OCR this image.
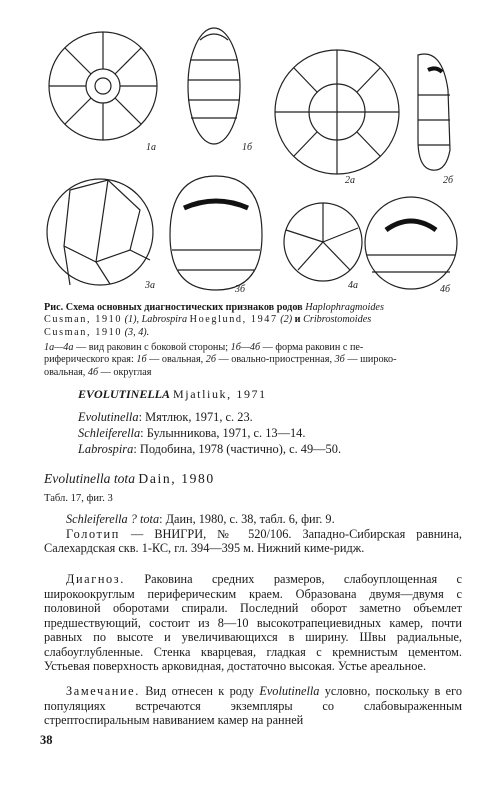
1а	1б
2а	2б
3а	3б	4а	4б
Рис. Схема основных диагностических признаков родов Haplophragmoides
Cusman, 1910 (1), Labrospira Hoeglund, 1947 (2) и Cribrostomoides
Cusman, 1910 (3, 4).
1а—4а — вид раковин с боковой стороны; 1б—4б — форма раковин с пе-
риферического края: 1б — овальная, 2б — овально-приостренная, 3б — широко-
овальная, 4б — округлая
EVOLUTINELLA Mjatliuk, 1971
Evolutinella: Мятлюк, 1971, с. 23.
Schleiferella: Булынникова, 1971, с. 13—14.
Labrospira: Подобина, 1978 (частично), с. 49—50.
Evolutinella tota Dain, 1980
Табл. 17, фиг. 3
Schleiferella ? tota: Даин, 1980, с. 38, табл. 6, фиг. 9.
Голотип — ВНИГРИ, № 520/106. Западно-Сибирская равнина, Салехардская скв. 1-КС, гл. 394—395 м. Нижний киме-ридж.
Диагноз. Раковина средних размеров, слабоуплощенная с широкоокруглым периферическим краем. Образована двумя—двумя с половиной оборотами спирали. Последний оборот заметно объемлет предшествующий, состоит из 8—10 высокотрапециевидных камер, почти равных по высоте и увеличивающихся в ширину. Швы радиальные, слабоуглубленные. Стенка кварцевая, гладкая с кремнистым цементом. Устьевая поверхность арковидная, достаточно высокая. Устье ареальное.
Замечание. Вид отнесен к роду Evolutinella условно, поскольку в его популяциях встречаются экземпляры со слабовыраженным стрептоспиральным навиванием камер на ранней
38
